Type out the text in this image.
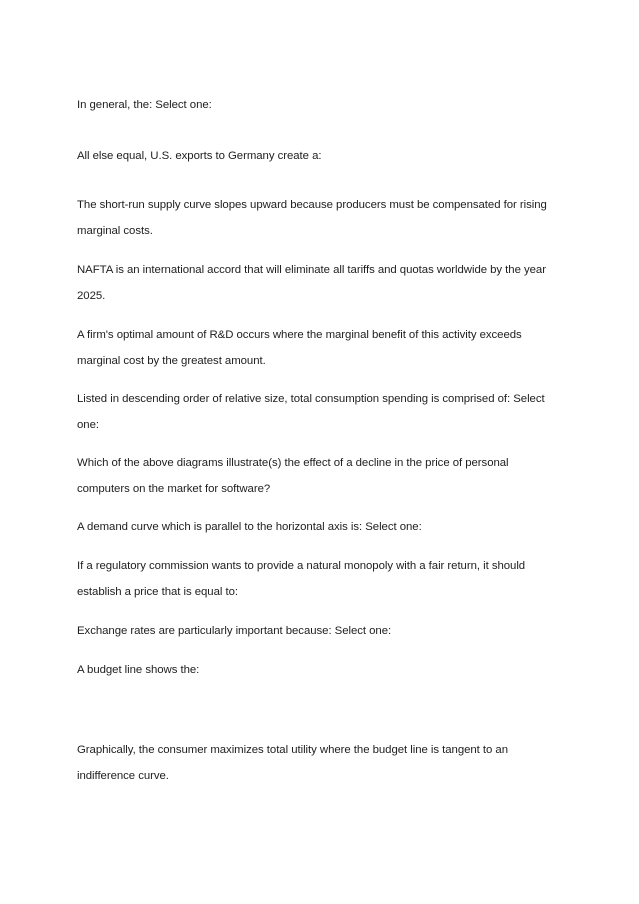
In general, the: Select one:

All else equal, U.S. exports to Germany create a:

The short-run supply curve slopes upward because producers must be compensated for rising
marginal costs.

NAFTA is an international accord that will eliminate all tariffs and quotas worldwide by the year
2025.

A firm's optimal amount of R&D occurs where the marginal benefit of this activity exceeds
marginal cost by the greatest amount.

Listed in descending order of relative size, total consumption spending is comprised of: Select
one:

Which of the above diagrams illustrate(s) the effect of a decline in the price of personal
computers on the market for software?

A demand curve which is parallel to the horizontal axis is: Select one:

If a regulatory commission wants to provide a natural monopoly with a fair return, it should
establish a price that is equal to:

Exchange rates are particularly important because: Select one:

A budget line shows the:

Graphically, the consumer maximizes total utility where the budget line is tangent to an
indifference curve.
